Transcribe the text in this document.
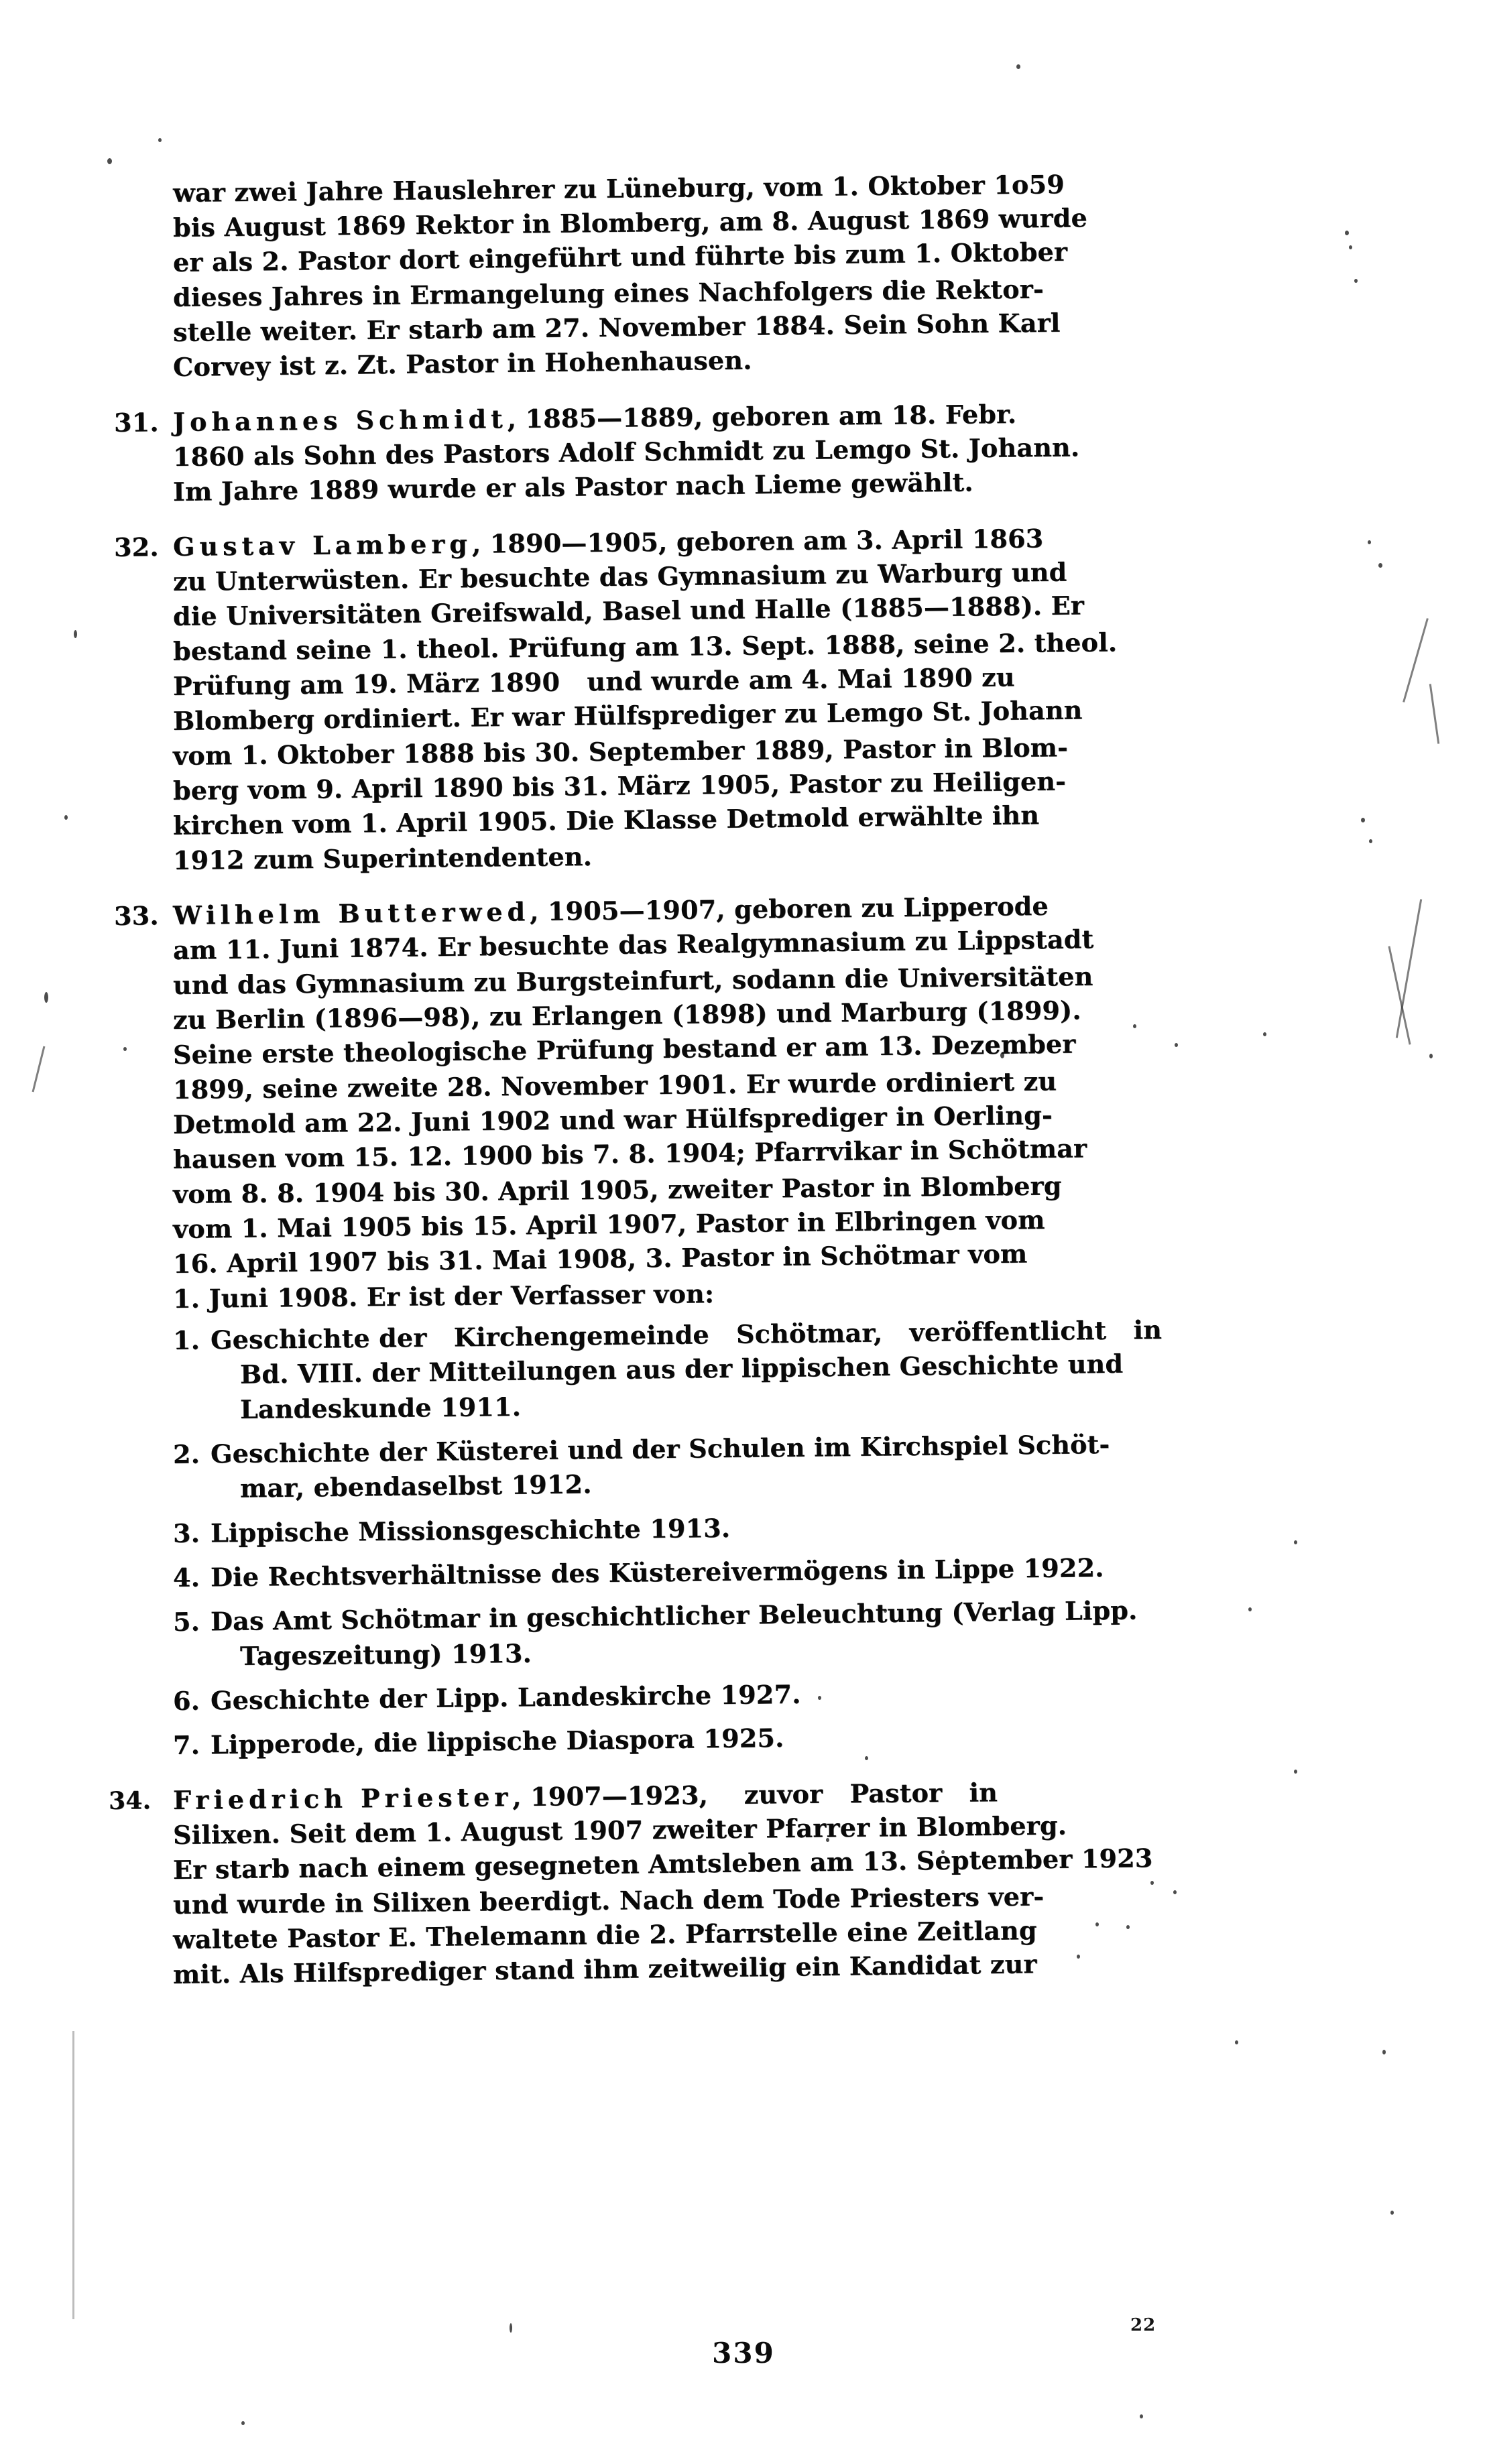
war zwei Jahre Hauslehrer zu Lüneburg, vom 1. Oktober 1o59
bis August 1869 Rektor in Blomberg, am 8. August 1869 wurde
er als 2. Pastor dort eingeführt und führte bis zum 1. Oktober
dieses Jahres in Ermangelung eines Nachfolgers die Rektor-
stelle weiter. Er starb am 27. November 1884. Sein Sohn Karl
Corvey ist z. Zt. Pastor in Hohenhausen.
31. Johannes Schmidt, 1885—1889, geboren am 18. Febr.
1860 als Sohn des Pastors Adolf Schmidt zu Lemgo St. Johann.
Im Jahre 1889 wurde er als Pastor nach Lieme gewählt.
32. Gustav Lamberg, 1890—1905, geboren am 3. April 1863
zu Unterwüsten. Er besuchte das Gymnasium zu Warburg und
die Universitäten Greifswald, Basel und Halle (1885—1888). Er
bestand seine 1. theol. Prüfung am 13. Sept. 1888, seine 2. theol.
Prüfung am 19. März 1890   und wurde am 4. Mai 1890 zu
Blomberg ordiniert. Er war Hülfsprediger zu Lemgo St. Johann
vom 1. Oktober 1888 bis 30. September 1889, Pastor in Blom-
berg vom 9. April 1890 bis 31. März 1905, Pastor zu Heiligen-
kirchen vom 1. April 1905. Die Klasse Detmold erwählte ihn
1912 zum Superintendenten.
33. Wilhelm Butterwed, 1905—1907, geboren zu Lipperode
am 11. Juni 1874. Er besuchte das Realgymnasium zu Lippstadt
und das Gymnasium zu Burgsteinfurt, sodann die Universitäten
zu Berlin (1896—98), zu Erlangen (1898) und Marburg (1899).
Seine erste theologische Prüfung bestand er am 13. Dezember
1899, seine zweite 28. November 1901. Er wurde ordiniert zu
Detmold am 22. Juni 1902 und war Hülfsprediger in Oerling-
hausen vom 15. 12. 1900 bis 7. 8. 1904; Pfarrvikar in Schötmar
vom 8. 8. 1904 bis 30. April 1905, zweiter Pastor in Blomberg
vom 1. Mai 1905 bis 15. April 1907, Pastor in Elbringen vom
16. April 1907 bis 31. Mai 1908, 3. Pastor in Schötmar vom
1. Juni 1908. Er ist der Verfasser von:
1. Geschichte der   Kirchengemeinde   Schötmar,   veröffentlicht   in
Bd. VIII. der Mitteilungen aus der lippischen Geschichte und
Landeskunde 1911.
2. Geschichte der Küsterei und der Schulen im Kirchspiel Schöt-
mar, ebendaselbst 1912.
3. Lippische Missionsgeschichte 1913.
4. Die Rechtsverhältnisse des Küstereivermögens in Lippe 1922.
5. Das Amt Schötmar in geschichtlicher Beleuchtung (Verlag Lipp.
Tageszeitung) 1913.
6. Geschichte der Lipp. Landeskirche 1927.
7. Lipperode, die lippische Diaspora 1925.
34. Friedrich Priester, 1907—1923,    zuvor   Pastor   in
Silixen. Seit dem 1. August 1907 zweiter Pfarrer in Blomberg.
Er starb nach einem gesegneten Amtsleben am 13. September 1923
und wurde in Silixen beerdigt. Nach dem Tode Priesters ver-
waltete Pastor E. Thelemann die 2. Pfarrstelle eine Zeitlang
mit. Als Hilfsprediger stand ihm zeitweilig ein Kandidat zur
339
22
